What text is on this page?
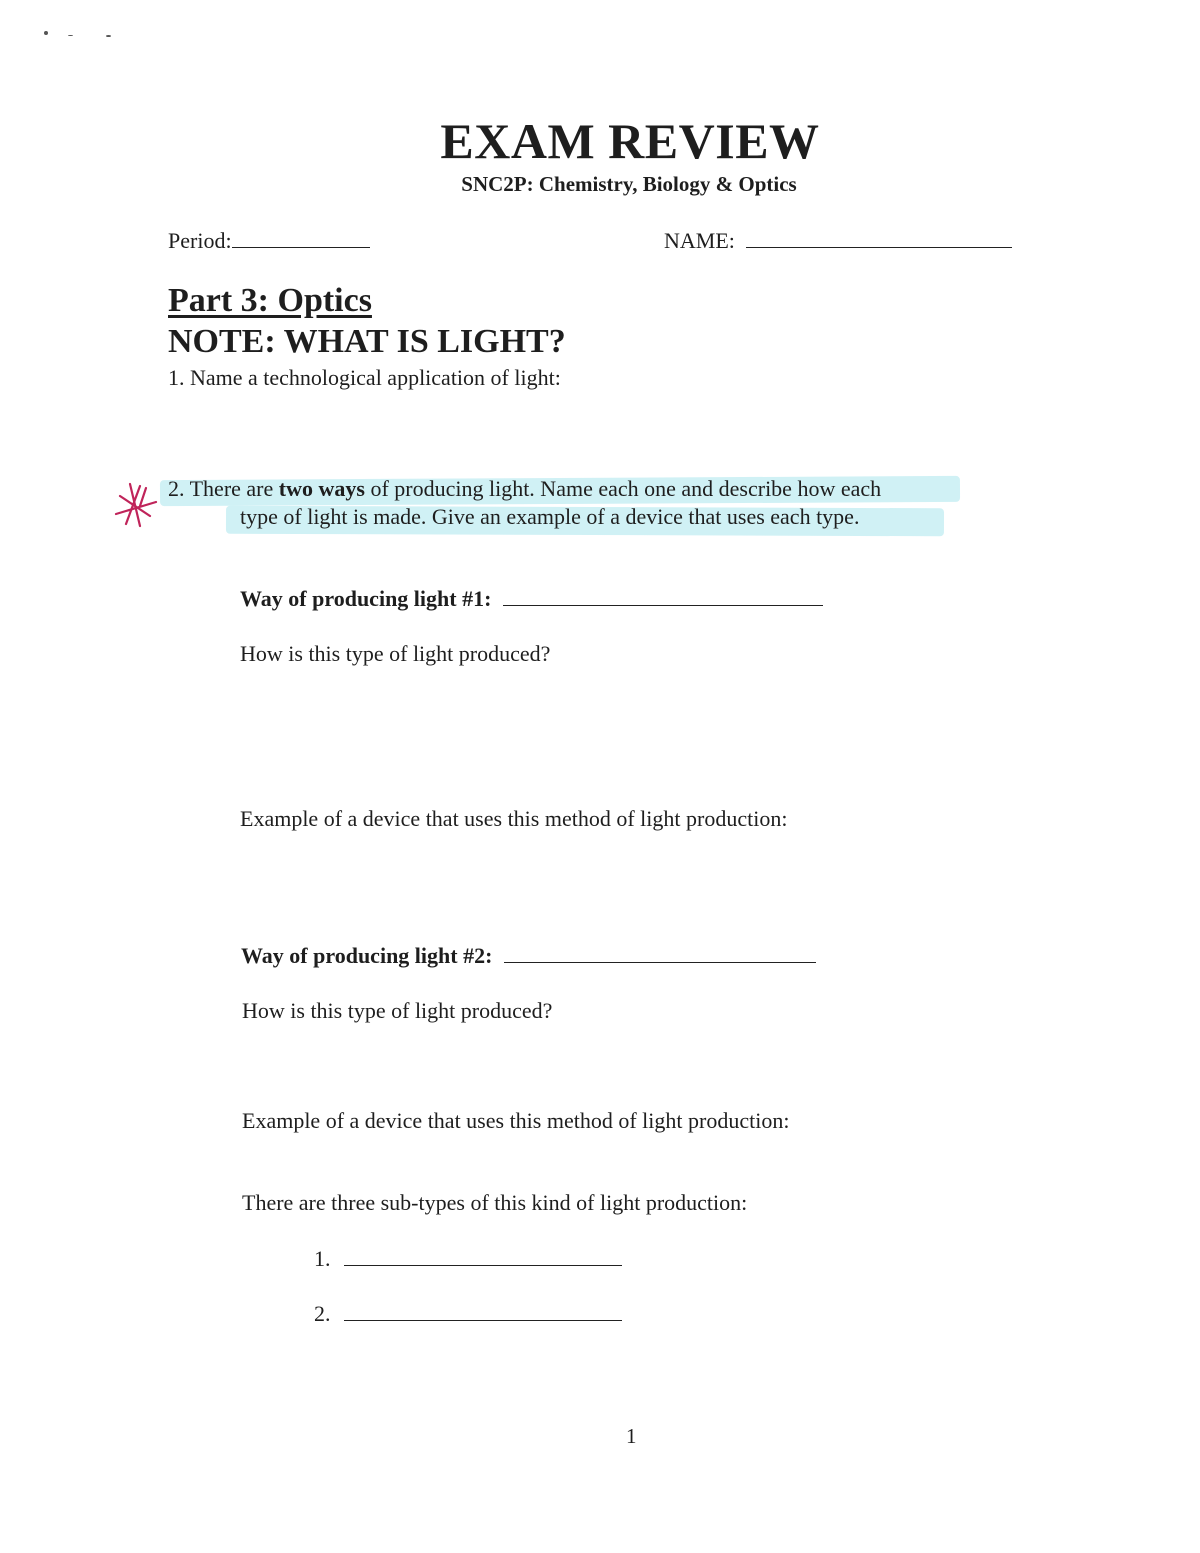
EXAM REVIEW
SNC2P: Chemistry, Biology & Optics
Period:	NAME:
Part 3: Optics
NOTE: WHAT IS LIGHT?
1. Name a technological application of light:
2. There are two ways of producing light. Name each one and describe how each
type of light is made. Give an example of a device that uses each type.
Way of producing light #1:
How is this type of light produced?
Example of a device that uses this method of light production:
Way of producing light #2:
How is this type of light produced?
Example of a device that uses this method of light production:
There are three sub-types of this kind of light production:
1.
2.
1
